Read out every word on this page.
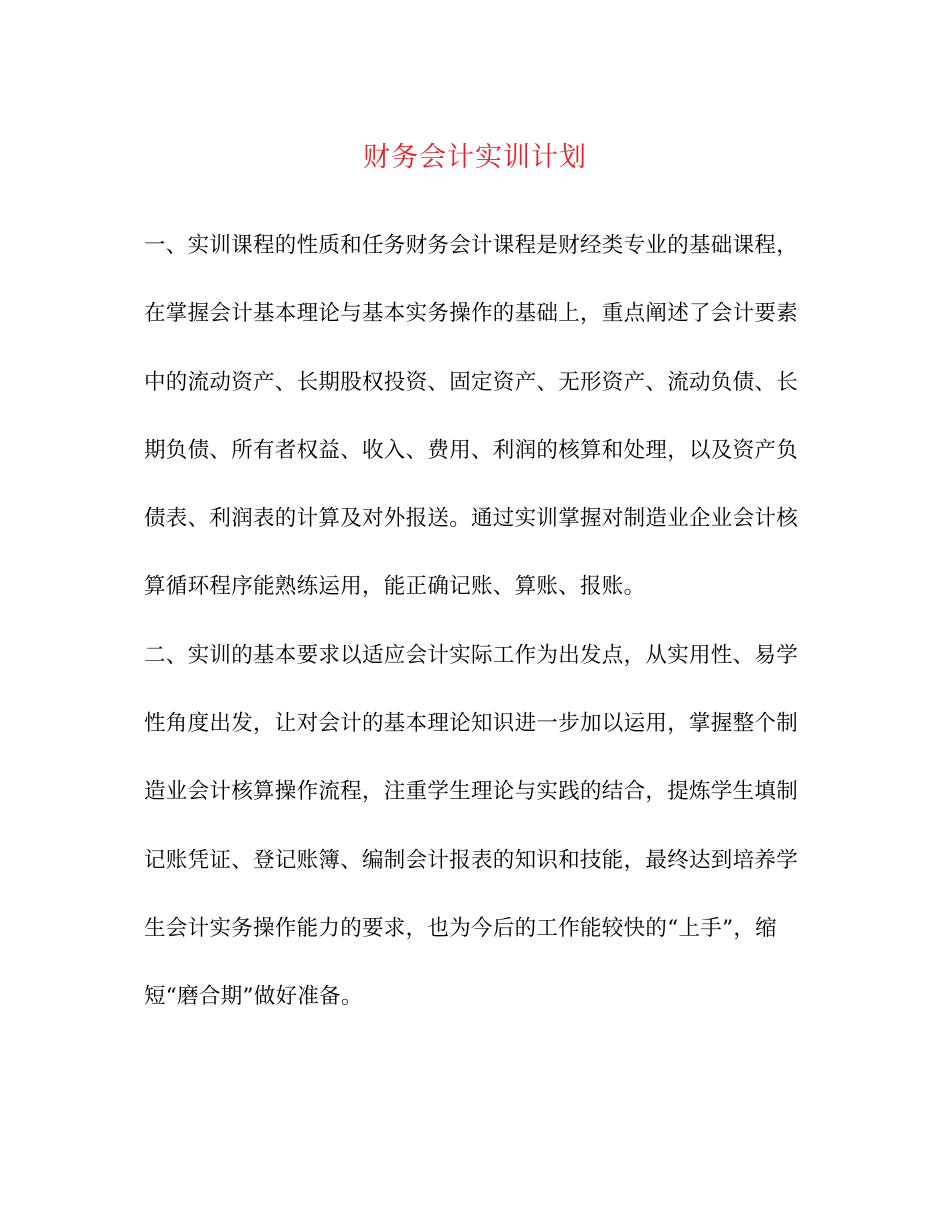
财务会计实训计划

一、实训课程的性质和任务财务会计课程是财经类专业的基础课程，

在掌握会计基本理论与基本实务操作的基础上，重点阐述了会计要素

中的流动资产、长期股权投资、固定资产、无形资产、流动负债、长

期负债、所有者权益、收入、费用、利润的核算和处理，以及资产负

债表、利润表的计算及对外报送。通过实训掌握对制造业企业会计核

算循环程序能熟练运用，能正确记账、算账、报账。

二、实训的基本要求以适应会计实际工作为出发点，从实用性、易学

性角度出发，让对会计的基本理论知识进一步加以运用，掌握整个制

造业会计核算操作流程，注重学生理论与实践的结合，提炼学生填制

记账凭证、登记账簿、编制会计报表的知识和技能，最终达到培养学

生会计实务操作能力的要求，也为今后的工作能较快的“上手”，缩

短“磨合期”做好准备。
